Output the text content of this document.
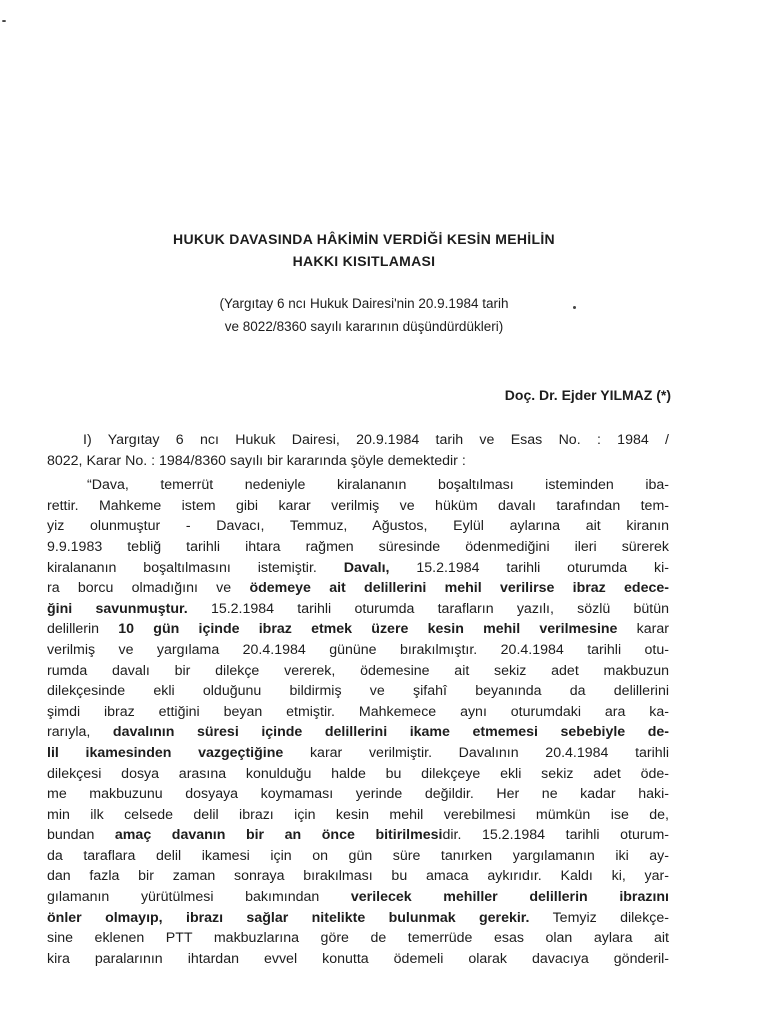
HUKUK DAVASINDA HÂKİMİN VERDİĞİ KESİN MEHİLİN
HAKKI KISITLAMASI
(Yargıtay 6 ncı Hukuk Dairesi'nin 20.9.1984 tarih
ve 8022/8360 sayılı kararının düşündürdükleri)
Doç. Dr. Ejder YILMAZ (*)
I) Yargıtay 6 ncı Hukuk Dairesi, 20.9.1984 tarih ve Esas No. : 1984 /
8022, Karar No. : 1984/8360 sayılı bir kararında şöyle demektedir :
“Dava, temerrüt nedeniyle kiralananın boşaltılması isteminden iba-
rettir. Mahkeme istem gibi karar verilmiş ve hüküm davalı tarafından tem-
yiz olunmuştur - Davacı, Temmuz, Ağustos, Eylül aylarına ait kiranın
9.9.1983 tebliğ tarihli ihtara rağmen süresinde ödenmediğini ileri sürerek
kiralananın boşaltılmasını istemiştir. Davalı, 15.2.1984 tarihli oturumda ki-
ra borcu olmadığını ve ödemeye ait delillerini mehil verilirse ibraz edece-
ğini savunmuştur. 15.2.1984 tarihli oturumda tarafların yazılı, sözlü bütün
delillerin 10 gün içinde ibraz etmek üzere kesin mehil verilmesine karar
verilmiş ve yargılama 20.4.1984 gününe bırakılmıştır. 20.4.1984 tarihli otu-
rumda davalı bir dilekçe vererek, ödemesine ait sekiz adet makbuzun
dilekçesinde ekli olduğunu bildirmiş ve şifahî beyanında da delillerini
şimdi ibraz ettiğini beyan etmiştir. Mahkemece aynı oturumdaki ara ka-
rarıyla, davalının süresi içinde delillerini ikame etmemesi sebebiyle de-
lil ikamesinden vazgeçtiğine karar verilmiştir. Davalının 20.4.1984 tarihli
dilekçesi dosya arasına konulduğu halde bu dilekçeye ekli sekiz adet ödе-
me makbuzunu dosyaya koymaması yerinde değildir. Her ne kadar haki-
min ilk celsede delil ibrazı için kesin mehil verebilmesi mümkün ise de,
bundan amaç davanın bir an önce bitirilmesidir. 15.2.1984 tarihli oturum-
da taraflara delil ikamesi için on gün süre tanırken yargılamanın iki ay-
dan fazla bir zaman sonraya bırakılması bu amaca aykırıdır. Kaldı ki, yar-
gılamanın yürütülmesi bakımından verilecek mehiller delillerin ibrazını
önler olmayıp, ibrazı sağlar nitelikte bulunmak gerekir. Temyiz dilekçe-
sine eklenen PTT makbuzlarına göre de temerrüde esas olan aylara ait
kira paralarının ihtardan evvel konutta ödemeli olarak davacıya gönderil-
